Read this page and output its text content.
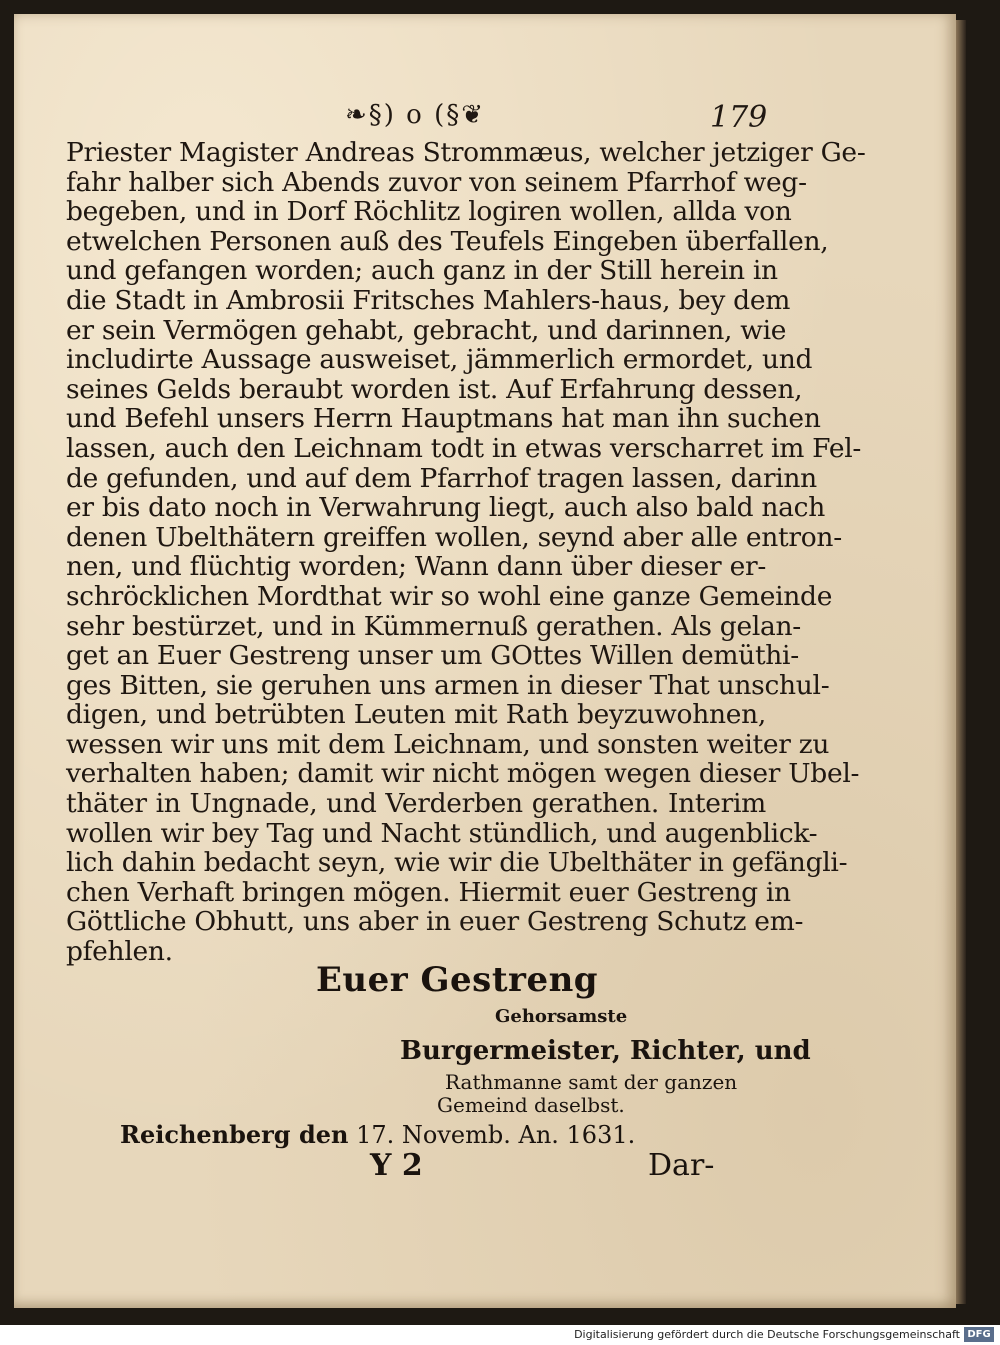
❧§) o (§❦	179
Priester Magister Andreas Strommæus, welcher jetziger Ge-
fahr halber sich Abends zuvor von seinem Pfarrhof weg-
begeben, und in Dorf Röchlitz logiren wollen, allda von
etwelchen Personen auß des Teufels Eingeben überfallen,
und gefangen worden; auch ganz in der Still herein in
die Stadt in Ambrosii Fritsches Mahlers-haus, bey dem
er sein Vermögen gehabt, gebracht, und darinnen, wie
includirte Aussage ausweiset, jämmerlich ermordet, und
seines Gelds beraubt worden ist. Auf Erfahrung dessen,
und Befehl unsers Herrn Hauptmans hat man ihn suchen
lassen, auch den Leichnam todt in etwas verscharret im Fel-
de gefunden, und auf dem Pfarrhof tragen lassen, darinn
er bis dato noch in Verwahrung liegt, auch also bald nach
denen Ubelthätern greiffen wollen, seynd aber alle entron-
nen, und flüchtig worden; Wann dann über dieser er-
schröcklichen Mordthat wir so wohl eine ganze Gemeinde
sehr bestürzet, und in Kümmernuß gerathen. Als gelan-
get an Euer Gestreng unser um GOttes Willen demüthi-
ges Bitten, sie geruhen uns armen in dieser That unschul-
digen, und betrübten Leuten mit Rath beyzuwohnen,
wessen wir uns mit dem Leichnam, und sonsten weiter zu
verhalten haben; damit wir nicht mögen wegen dieser Ubel-
thäter in Ungnade, und Verderben gerathen. Interim
wollen wir bey Tag und Nacht stündlich, und augenblick-
lich dahin bedacht seyn, wie wir die Ubelthäter in gefängli-
chen Verhaft bringen mögen. Hiermit euer Gestreng in
Göttliche Obhutt, uns aber in euer Gestreng Schutz em-
pfehlen.
Euer Gestreng
Gehorsamste
Burgermeister, Richter, und
Rathmanne samt der ganzen
Gemeind daselbst.
Reichenberg den 17. Novemb. An. 1631.
Y 2	Dar-
Digitalisierung gefördert durch die Deutsche Forschungsgemeinschaft DFG
